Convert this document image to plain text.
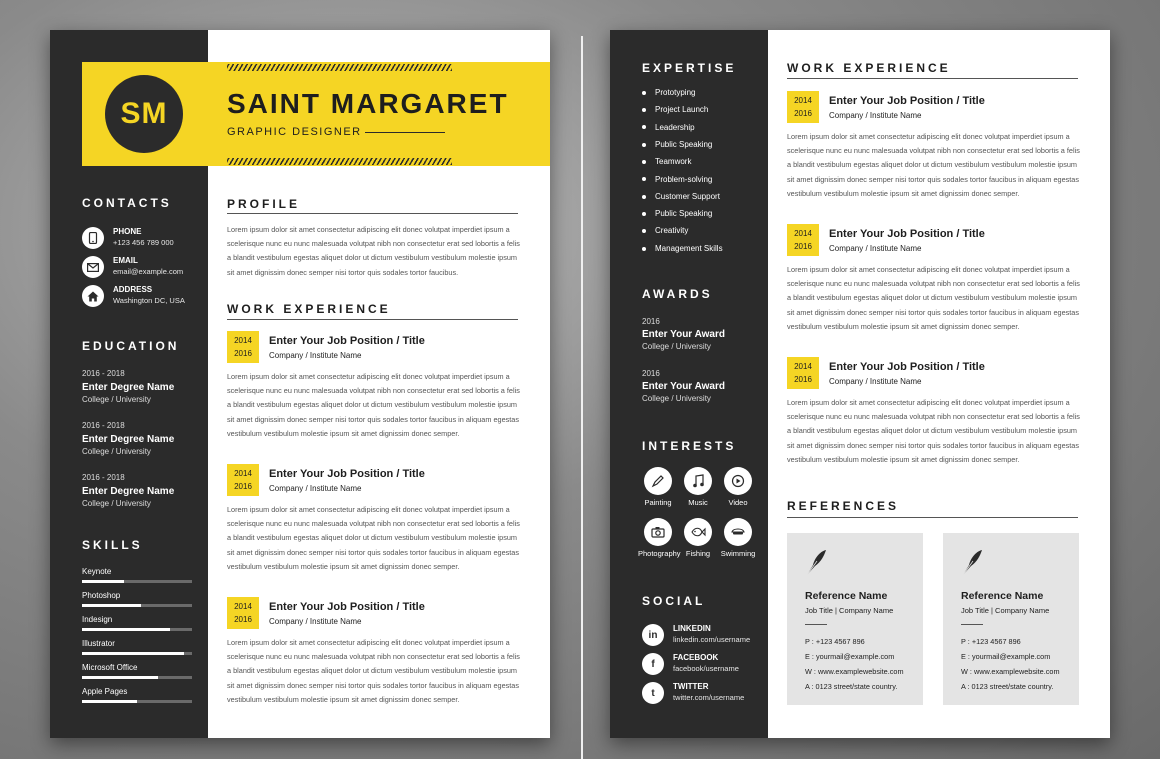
CONTACTS
PHONE
+123 456 789 000
EMAIL
email@example.com
ADDRESS
Washington DC, USA
EDUCATION
2016 - 2018
Enter Degree Name
College / University
2016 - 2018
Enter Degree Name
College / University
2016 - 2018
Enter Degree Name
College / University
SKILLS
Keynote
Photoshop
Indesign
Illustrator
Microsoft Office
Apple Pages
SM	SAINT MARGARET
GRAPHIC DESIGNER
PROFILE
Lorem ipsum dolor sit amet consectetur adipiscing elit donec volutpat imperdiet ipsum a scelerisque nunc eu nunc malesuada volutpat nibh non consectetur erat sed lobortis a felis a blandit vestibulum egestas aliquet dolor ut dictum vestibulum vestibulum molestie ipsum sit amet dignissim donec semper nisi tortor quis sodales tortor faucibus.
WORK EXPERIENCE
2014
2016
Enter Your Job Position / Title
Company / Institute Name
Lorem ipsum dolor sit amet consectetur adipiscing elit donec volutpat imperdiet ipsum a scelerisque nunc eu nunc malesuada volutpat nibh non consectetur erat sed lobortis a felis a blandit vestibulum egestas aliquet dolor ut dictum vestibulum vestibulum molestie ipsum sit amet dignissim donec semper nisi tortor quis sodales tortor faucibus in aliquam egestas vestibulum vestibulum molestie ipsum sit amet dignissim donec semper.
2014
2016
Enter Your Job Position / Title
Company / Institute Name
Lorem ipsum dolor sit amet consectetur adipiscing elit donec volutpat imperdiet ipsum a scelerisque nunc eu nunc malesuada volutpat nibh non consectetur erat sed lobortis a felis a blandit vestibulum egestas aliquet dolor ut dictum vestibulum vestibulum molestie ipsum sit amet dignissim donec semper nisi tortor quis sodales tortor faucibus in aliquam egestas vestibulum vestibulum molestie ipsum sit amet dignissim donec semper.
2014
2016
Enter Your Job Position / Title
Company / Institute Name
Lorem ipsum dolor sit amet consectetur adipiscing elit donec volutpat imperdiet ipsum a scelerisque nunc eu nunc malesuada volutpat nibh non consectetur erat sed lobortis a felis a blandit vestibulum egestas aliquet dolor ut dictum vestibulum vestibulum molestie ipsum sit amet dignissim donec semper nisi tortor quis sodales tortor faucibus in aliquam egestas vestibulum vestibulum molestie ipsum sit amet dignissim donec semper.
EXPERTISE
Prototyping
Project Launch
Leadership
Public Speaking
Teamwork
Problem-solving
Customer Support
Public Speaking
Creativity
Management Skills
AWARDS
2016
Enter Your Award
College / University
2016
Enter Your Award
College / University
INTERESTS
Painting	Music	Video
Photography Fishing	Swimming
SOCIAL
in
LINKEDIN
linkedin.com/username
f
FACEBOOK
facebook/username
t
TWITTER
twitter.com/username
WORK EXPERIENCE
2014
2016
Enter Your Job Position / Title
Company / Institute Name
Lorem ipsum dolor sit amet consectetur adipiscing elit donec volutpat imperdiet ipsum a scelerisque nunc eu nunc malesuada volutpat nibh non consectetur erat sed lobortis a felis a blandit vestibulum egestas aliquet dolor ut dictum vestibulum vestibulum molestie ipsum sit amet dignissim donec semper nisi tortor quis sodales tortor faucibus in aliquam egestas vestibulum vestibulum molestie ipsum sit amet dignissim donec semper.
2014
2016
Enter Your Job Position / Title
Company / Institute Name
Lorem ipsum dolor sit amet consectetur adipiscing elit donec volutpat imperdiet ipsum a scelerisque nunc eu nunc malesuada volutpat nibh non consectetur erat sed lobortis a felis a blandit vestibulum egestas aliquet dolor ut dictum vestibulum vestibulum molestie ipsum sit amet dignissim donec semper nisi tortor quis sodales tortor faucibus in aliquam egestas vestibulum vestibulum molestie ipsum sit amet dignissim donec semper.
2014
2016
Enter Your Job Position / Title
Company / Institute Name
Lorem ipsum dolor sit amet consectetur adipiscing elit donec volutpat imperdiet ipsum a scelerisque nunc eu nunc malesuada volutpat nibh non consectetur erat sed lobortis a felis a blandit vestibulum egestas aliquet dolor ut dictum vestibulum vestibulum molestie ipsum sit amet dignissim donec semper nisi tortor quis sodales tortor faucibus in aliquam egestas vestibulum vestibulum molestie ipsum sit amet dignissim donec semper.
REFERENCES
Reference Name
Job Title | Company Name
P : +123 4567 896
E : yourmail@example.com
W : www.examplewebsite.com
A : 0123 street/state country.
Reference Name
Job Title | Company Name
P : +123 4567 896
E : yourmail@example.com
W : www.examplewebsite.com
A : 0123 street/state country.
